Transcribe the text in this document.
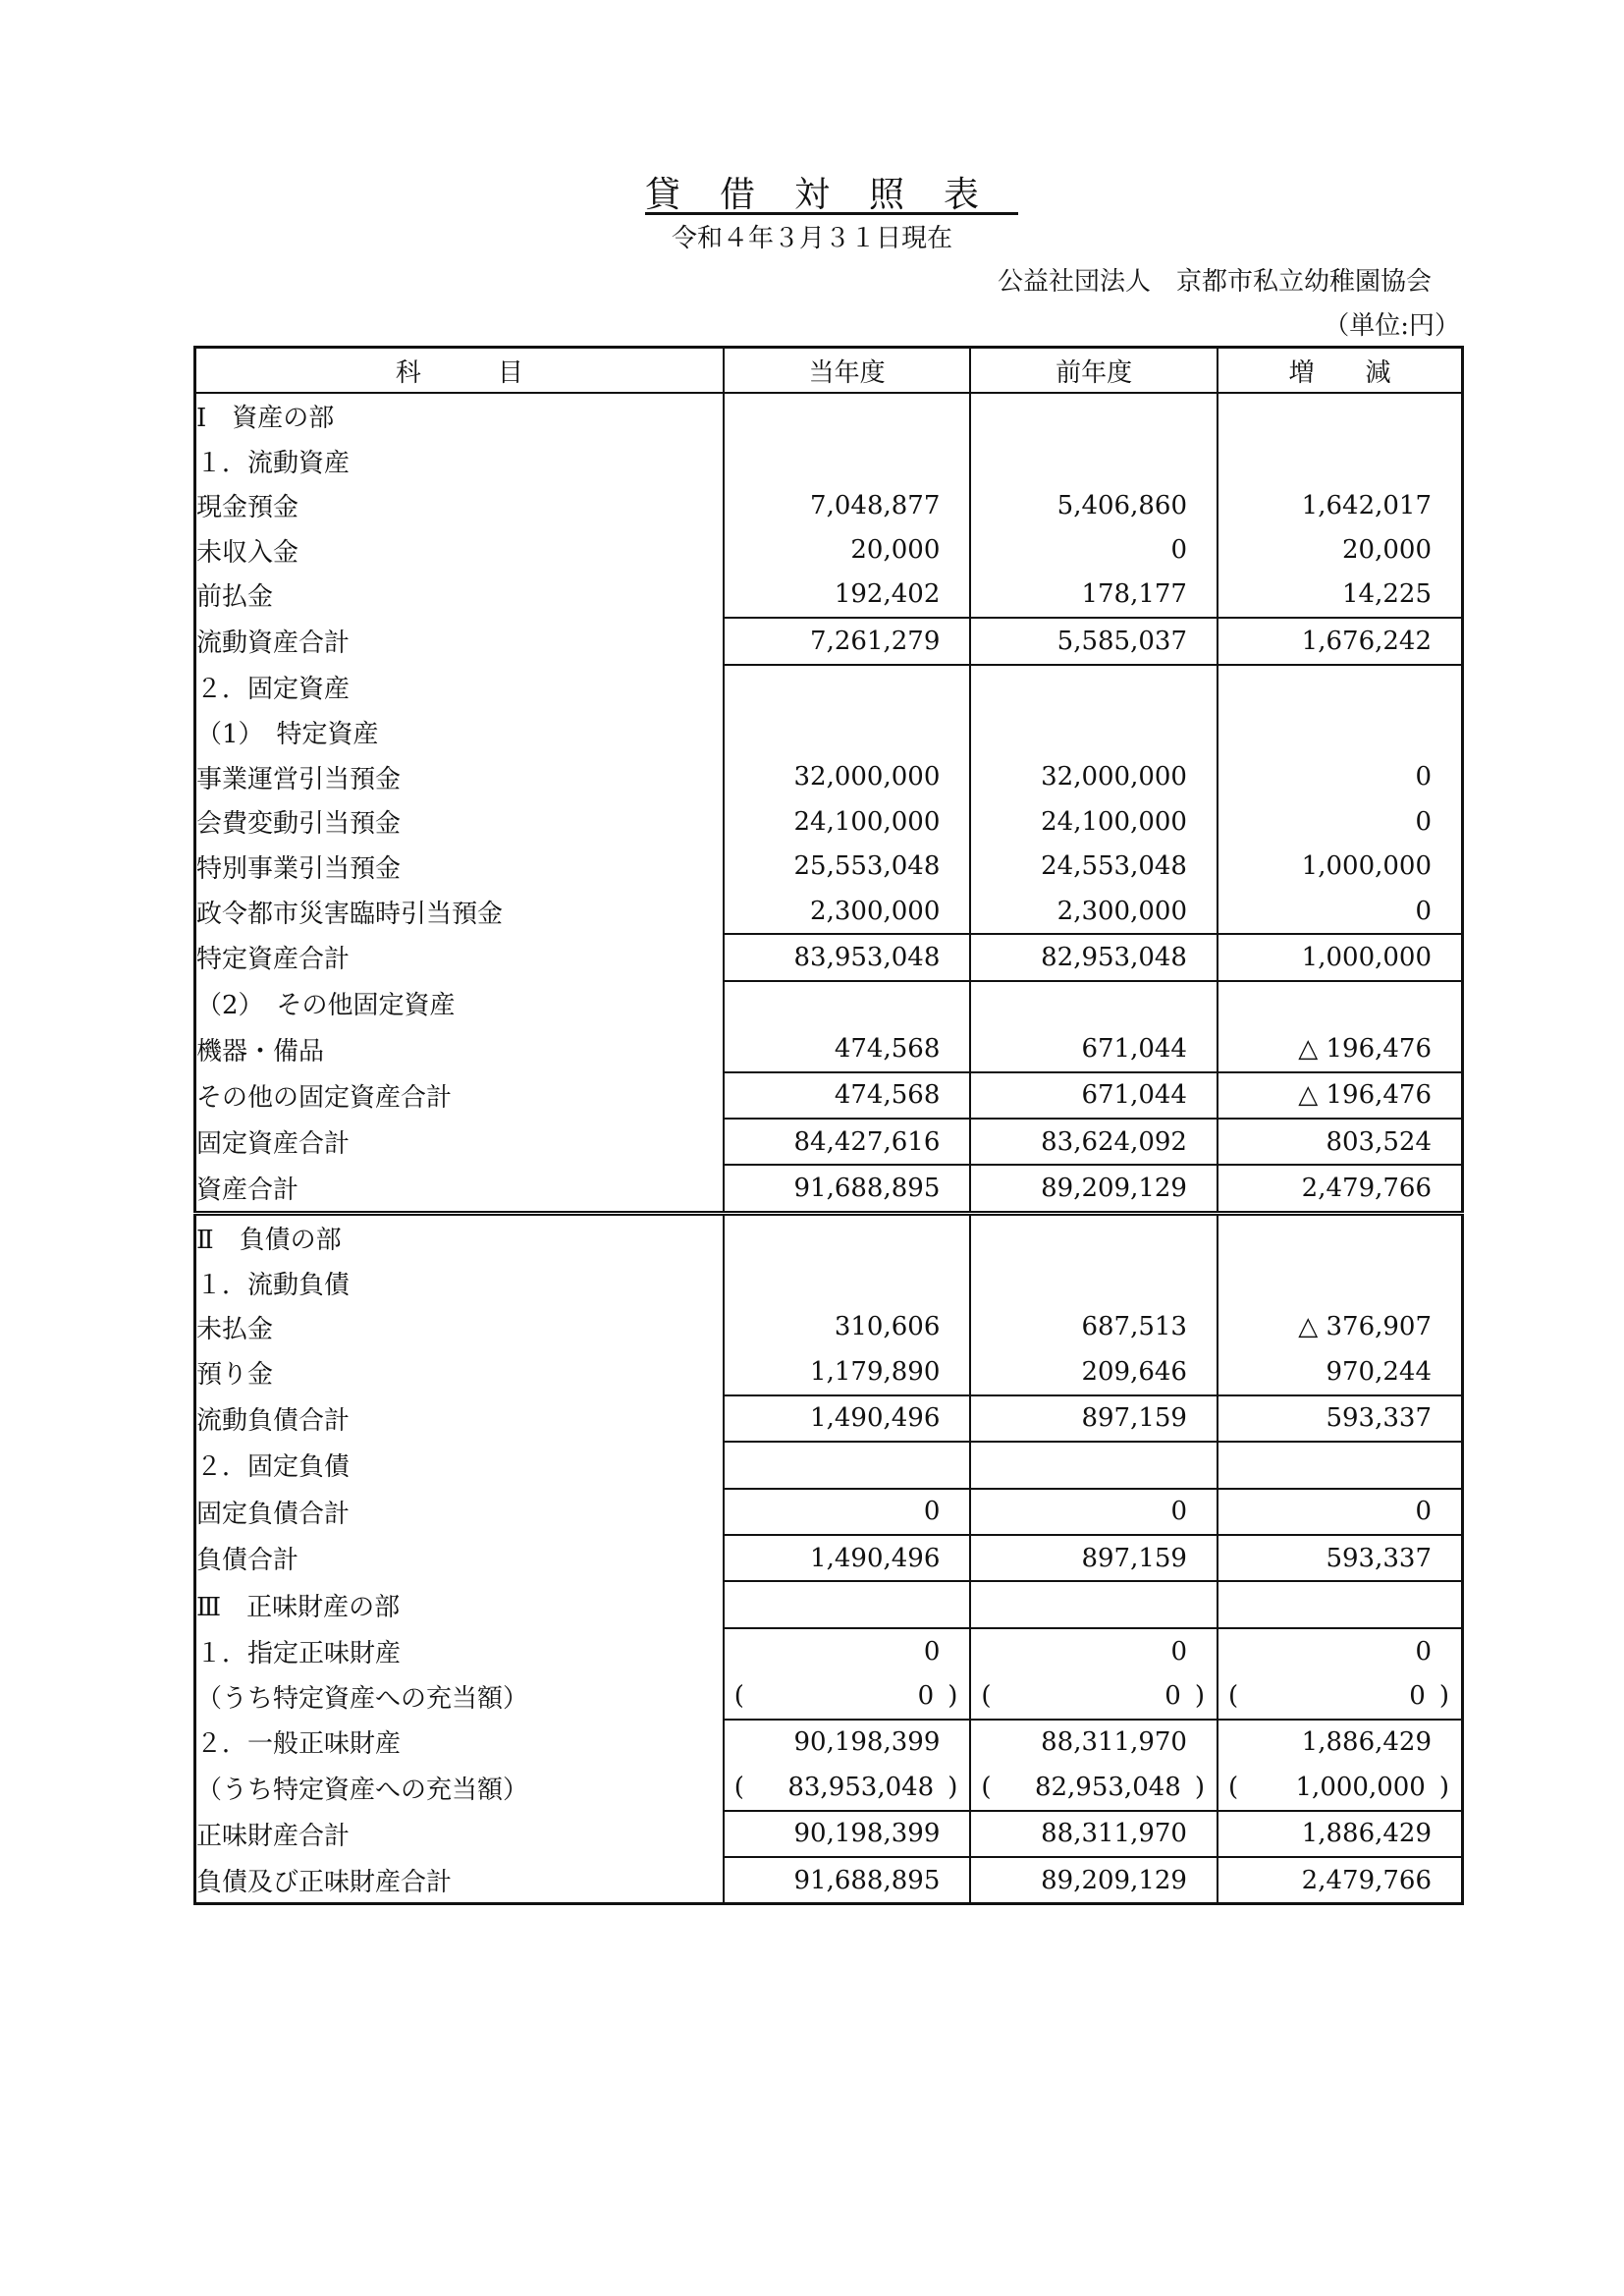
貸借対照表
令和４年３月３１日現在
公益社団法人　京都市私立幼稚園協会
（単位:円）
科　　　目	当年度	前年度	増　　減
Ⅰ　資産の部			
１．流動資産			
現金預金	7,048,877	5,406,860	1,642,017
未収入金	20,000	0	20,000
前払金	192,402	178,177	14,225
流動資産合計	7,261,279	5,585,037	1,676,242
２．固定資産			
（1）　特定資産			
事業運営引当預金	32,000,000	32,000,000	0
会費変動引当預金	24,100,000	24,100,000	0
特別事業引当預金	25,553,048	24,553,048	1,000,000
政令都市災害臨時引当預金	2,300,000	2,300,000	0
特定資産合計	83,953,048	82,953,048	1,000,000
（2）　その他固定資産			
機器・備品	474,568	671,044	△ 196,476
その他の固定資産合計	474,568	671,044	△ 196,476
固定資産合計	84,427,616	83,624,092	803,524
資産合計	91,688,895	89,209,129	2,479,766
Ⅱ　負債の部			
１．流動負債			
未払金	310,606	687,513	△ 376,907
預り金	1,179,890	209,646	970,244
流動負債合計	1,490,496	897,159	593,337
２．固定負債			
固定負債合計	0	0	0
負債合計	1,490,496	897,159	593,337
Ⅲ　正味財産の部			
１．指定正味財産	0	0	0
（うち特定資産への充当額）	( 0 )	( 0 )	( 0 )

２．一般正味財産	90,198,399	88,311,970	1,886,429
（うち特定資産への充当額）	( 83,953,048 )	( 82,953,048 )	( 1,000,000 )

正味財産合計	90,198,399	88,311,970	1,886,429
負債及び正味財産合計	91,688,895	89,209,129	2,479,766
